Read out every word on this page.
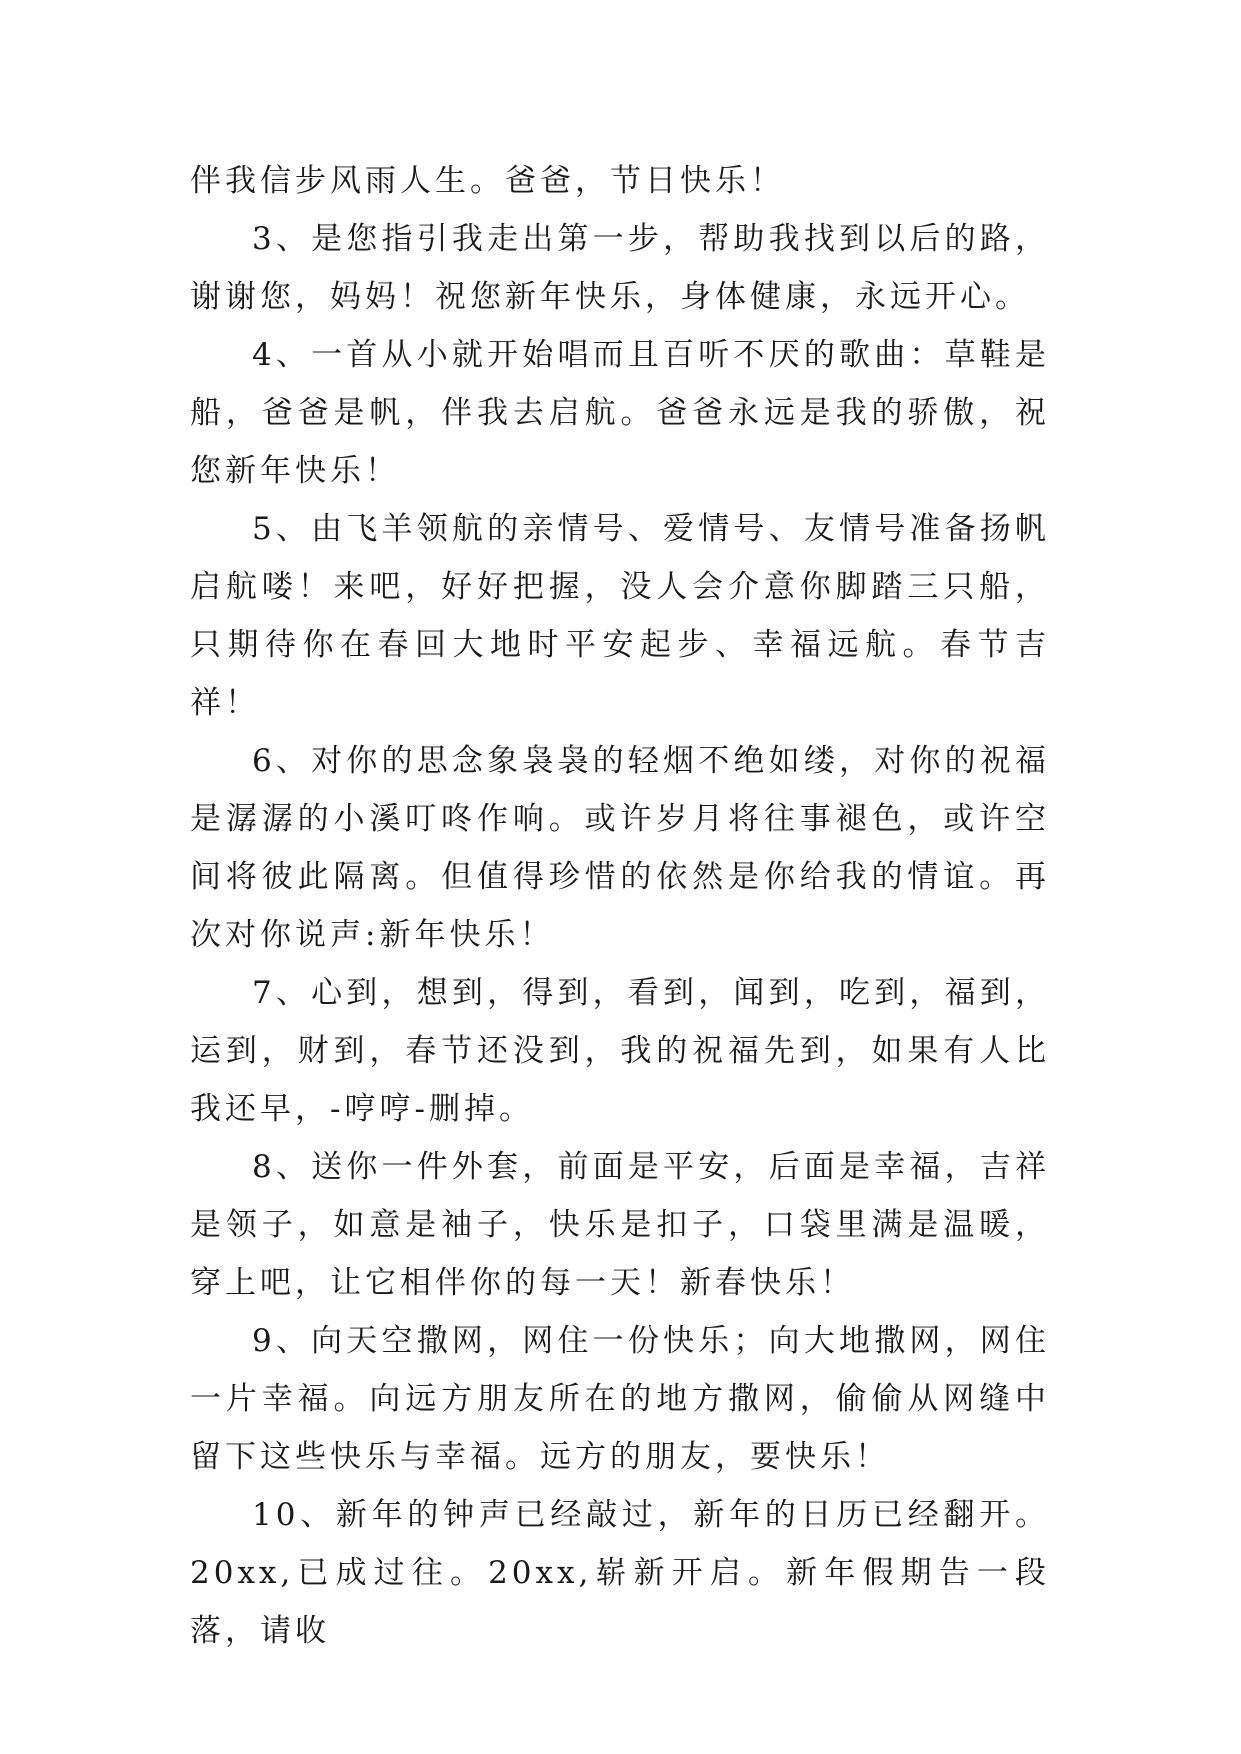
伴我信步风雨人生。爸爸，节日快乐！

3、是您指引我走出第一步，帮助我找到以后的路，谢谢您，妈妈！祝您新年快乐，身体健康，永远开心。

4、一首从小就开始唱而且百听不厌的歌曲：草鞋是船，爸爸是帆，伴我去启航。爸爸永远是我的骄傲，祝您新年快乐！

5、由飞羊领航的亲情号、爱情号、友情号准备扬帆启航喽！来吧，好好把握，没人会介意你脚踏三只船，只期待你在春回大地时平安起步、幸福远航。春节吉祥！

6、对你的思念象袅袅的轻烟不绝如缕，对你的祝福是潺潺的小溪叮咚作响。或许岁月将往事褪色，或许空间将彼此隔离。但值得珍惜的依然是你给我的情谊。再次对你说声:新年快乐！

7、心到，想到，得到，看到，闻到，吃到，福到，运到，财到，春节还没到，我的祝福先到，如果有人比我还早，-哼哼-删掉。

8、送你一件外套，前面是平安，后面是幸福，吉祥是领子，如意是袖子，快乐是扣子，口袋里满是温暖，穿上吧，让它相伴你的每一天！新春快乐！

9、向天空撒网，网住一份快乐；向大地撒网，网住一片幸福。向远方朋友所在的地方撒网，偷偷从网缝中留下这些快乐与幸福。远方的朋友，要快乐！

10、新年的钟声已经敲过，新年的日历已经翻开。20xx,已成过往。20xx,崭新开启。新年假期告一段落，请收
